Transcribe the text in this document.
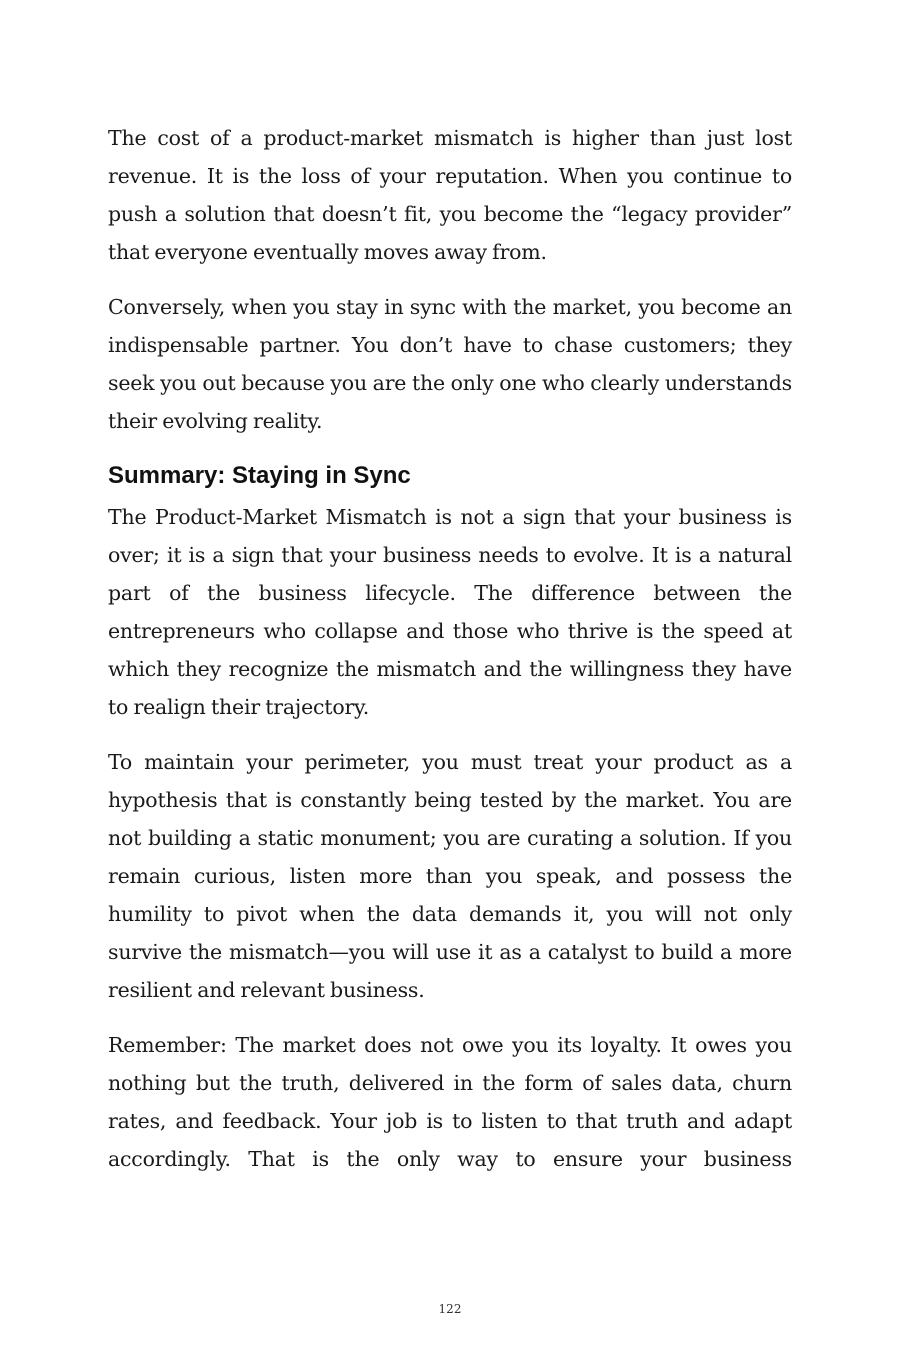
The cost of a product-market mismatch is higher than just lost revenue. It is the loss of your reputation. When you continue to push a solution that doesn’t fit, you become the “legacy provider” that everyone eventually moves away from.

Conversely, when you stay in sync with the market, you become an indispensable partner. You don’t have to chase customers; they seek you out because you are the only one who clearly understands their evolving reality.

Summary: Staying in Sync

The Product-Market Mismatch is not a sign that your business is over; it is a sign that your business needs to evolve. It is a natural part of the business lifecycle. The difference between the entrepreneurs who collapse and those who thrive is the speed at which they recognize the mismatch and the willingness they have to realign their trajectory.

To maintain your perimeter, you must treat your product as a hypothesis that is constantly being tested by the market. You are not building a static monument; you are curating a solution. If you remain curious, listen more than you speak, and possess the humility to pivot when the data demands it, you will not only survive the mismatch—you will use it as a catalyst to build a more resilient and relevant business.

Remember: The market does not owe you its loyalty. It owes you nothing but the truth, delivered in the form of sales data, churn rates, and feedback. Your job is to listen to that truth and adapt accordingly. That is the only way to ensure your business

122
